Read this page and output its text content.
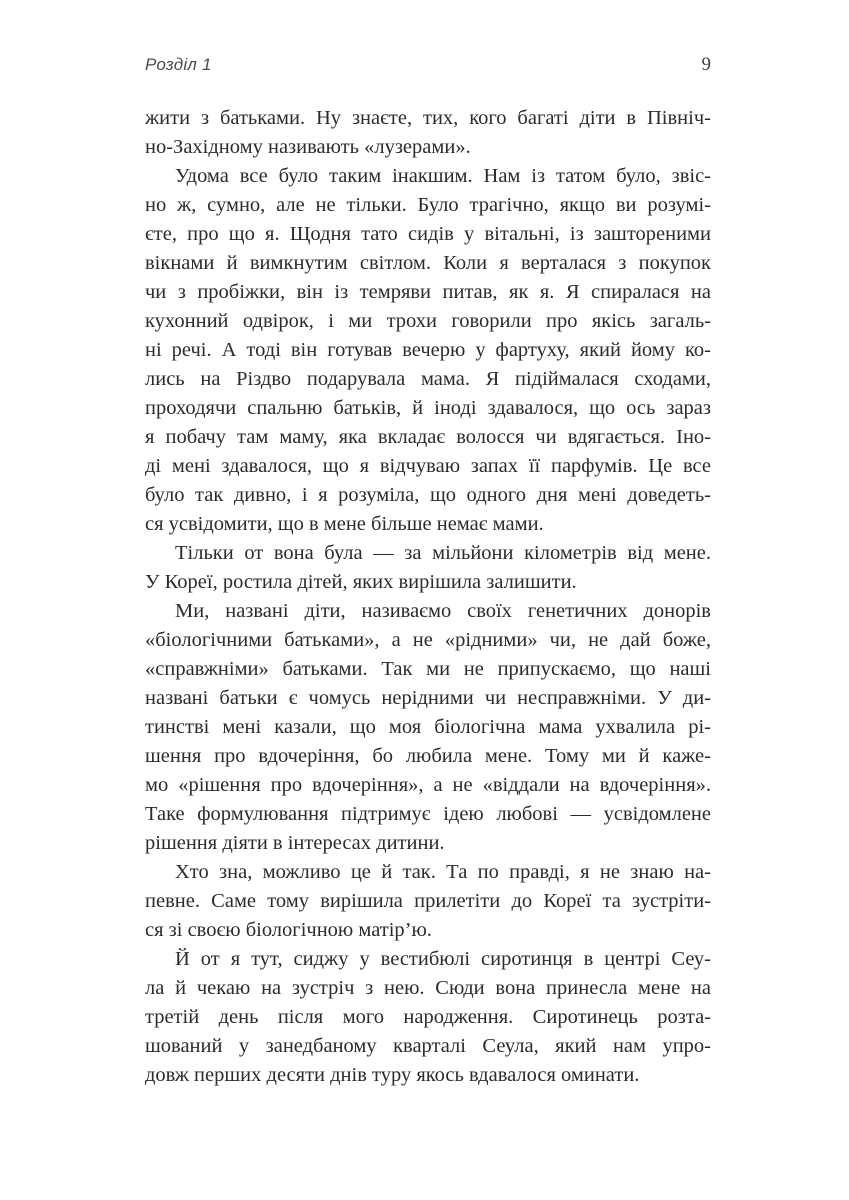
Розділ 1	9
жити з батьками. Ну знаєте, тих, кого багаті діти в Північ-
но-Західному називають «лузерами».
Удома все було таким інакшим. Нам із татом було, звіс-
но ж, сумно, але не тільки. Було трагічно, якщо ви розумі-
єте, про що я. Щодня тато сидів у вітальні, із заштореними
вікнами й вимкнутим світлом. Коли я верталася з покупок
чи з пробіжки, він із темряви питав, як я. Я спиралася на
кухонний одвірок, і ми трохи говорили про якісь загаль-
ні речі. А тоді він готував вечерю у фартуху, який йому ко-
лись на Різдво подарувала мама. Я підіймалася сходами,
проходячи спальню батьків, й іноді здавалося, що ось зараз
я побачу там маму, яка вкладає волосся чи вдягається. Іно-
ді мені здавалося, що я відчуваю запах її парфумів. Це все
було так дивно, і я розуміла, що одного дня мені доведеть-
ся усвідомити, що в мене більше немає мами.
Тільки от вона була — за мільйони кілометрів від мене.
У Кореї, ростила дітей, яких вирішила залишити.
Ми, названі діти, називаємо своїх генетичних донорів
«біологічними батьками», а не «рідними» чи, не дай боже,
«справжніми» батьками. Так ми не припускаємо, що наші
названі батьки є чомусь нерідними чи несправжніми. У ди-
тинстві мені казали, що моя біологічна мама ухвалила рі-
шення про вдочеріння, бо любила мене. Тому ми й каже-
мо «рішення про вдочеріння», а не «віддали на вдочеріння».
Таке формулювання підтримує ідею любові — усвідомлене
рішення діяти в інтересах дитини.
Хто зна, можливо це й так. Та по правді, я не знаю на-
певне. Саме тому вирішила прилетіти до Кореї та зустріти-
ся зі своєю біологічною матір’ю.
Й от я тут, сиджу у вестибюлі сиротинця в центрі Сеу-
ла й чекаю на зустріч з нею. Сюди вона принесла мене на
третій день після мого народження. Сиротинець розта-
шований у занедбаному кварталі Сеула, який нам упро-
довж перших десяти днів туру якось вдавалося оминати.
